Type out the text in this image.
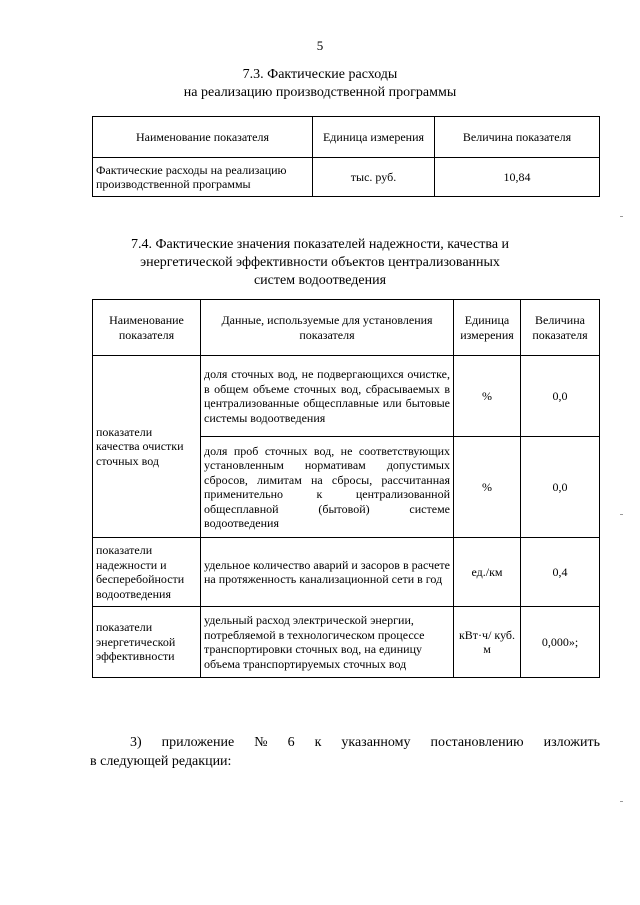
5
7.3. Фактические расходы
на реализацию производственной программы
Наименование показателя	Единица измерения	Величина показателя
Фактические расходы на реализацию производственной программы	тыс. руб.	10,84
7.4. Фактические значения показателей надежности, качества и
энергетической эффективности объектов централизованных
систем водоотведения
Наименование показателя	Данные, используемые для установления показателя	Единица измерения	Величина показателя
показатели качества очистки сточных вод	доля сточных вод, не подвергающихся очистке, в общем объеме сточных вод, сбрасываемых в централизованные общесплавные или бытовые системы водоотведения	%	0,0
	доля проб сточных вод, не соответствующих установленным нормативам допустимых сбросов, лимитам на сбросы, рассчитанная применительно к централизованной общесплавной (бытовой) системе водоотведения	%	0,0
показатели надежности и бесперебойности водоотведения	удельное количество аварий и засоров в расчете на протяженность канализационной сети в год	ед./км	0,4
показатели энергетической эффективности	удельный расход электрической энергии, потребляемой в технологическом процессе транспортировки сточных вод, на единицу объема транспортируемых сточных вод	кВт·ч/ куб. м	0,000»;
3) приложение № 6 к указанному постановлению изложить
в следующей редакции:
